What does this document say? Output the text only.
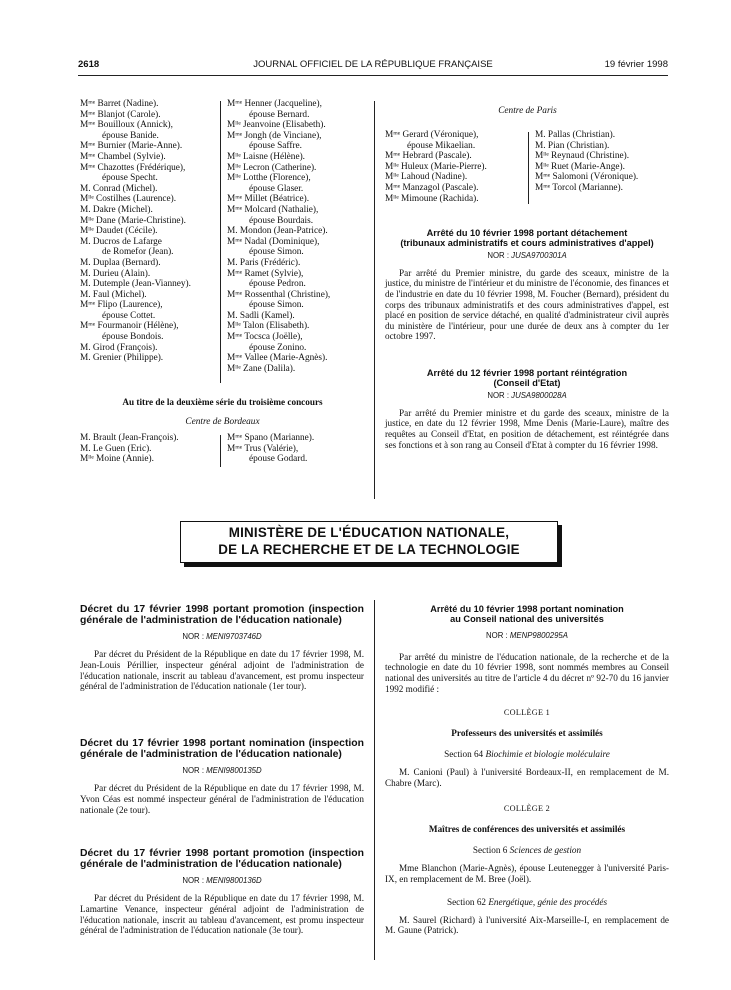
2618	JOURNAL OFFICIEL DE LA RÉPUBLIQUE FRANÇAISE	19 février 1998
Mᵐᵉ Barret (Nadine).
Mᵐᵉ Blanjot (Carole).
Mᵐᵉ Bouilloux (Annick),
épouse Banide.
Mᵐᵉ Burnier (Marie-Anne).
Mᵐᵉ Chambel (Sylvie).
Mᵐᵉ Chazottes (Frédérique),
épouse Specht.
M. Conrad (Michel).
Mˡˡᵉ Costilhes (Laurence).
M. Dakre (Michel).
Mˡˡᵉ Dane (Marie-Christine).
Mˡˡᵉ Daudet (Cécile).
M. Ducros de Lafarge
de Romefor (Jean).
M. Duplaa (Bernard).
M. Durieu (Alain).
M. Dutemple (Jean-Vianney).
M. Faul (Michel).
Mᵐᵉ Flipo (Laurence),
épouse Cottet.
Mᵐᵉ Fourmanoir (Hélène),
épouse Bondois.
M. Girod (François).
M. Grenier (Philippe).
Mᵐᵉ Henner (Jacqueline),
épouse Bernard.
Mˡˡᵉ Jeanvoine (Elisabeth).
Mᵐᵉ Jongh (de Vinciane),
épouse Saffre.
Mˡˡᵉ Laisne (Hélène).
Mˡˡᵉ Lecron (Catherine).
Mˡˡᵉ Lotthe (Florence),
épouse Glaser.
Mᵐᵉ Millet (Béatrice).
Mᵐᵉ Molcard (Nathalie),
épouse Bourdais.
M. Mondon (Jean-Patrice).
Mᵐᵉ Nadal (Dominique),
épouse Simon.
M. Paris (Frédéric).
Mᵐᵉ Ramet (Sylvie),
épouse Pedron.
Mᵐᵉ Rossenthal (Christine),
épouse Simon.
M. Sadli (Kamel).
Mˡˡᵉ Talon (Elisabeth).
Mᵐᵉ Tocsca (Joëlle),
épouse Zonino.
Mᵐᵉ Vallee (Marie-Agnès).
Mˡˡᵉ Zane (Dalila).
Au titre de la deuxième série du troisième concours
Centre de Bordeaux
M. Brault (Jean-François).
M. Le Guen (Eric).
Mˡˡᵉ Moine (Annie).
Mᵐᵉ Spano (Marianne).
Mᵐᵉ Trus (Valérie),
épouse Godard.
Centre de Paris
Mᵐᵉ Gerard (Véronique),
épouse Mikaelian.
Mᵐᵉ Hebrard (Pascale).
Mˡˡᵉ Huleux (Marie-Pierre).
Mˡˡᵉ Lahoud (Nadine).
Mᵐᵉ Manzagol (Pascale).
Mˡˡᵉ Mimoune (Rachida).
M. Pallas (Christian).
M. Pian (Christian).
Mˡˡᵉ Reynaud (Christine).
Mˡˡᵉ Ruet (Marie-Ange).
Mᵐᵉ Salomoni (Véronique).
Mᵐᵉ Torcol (Marianne).
Arrêté du 10 février 1998 portant détachement
(tribunaux administratifs et cours administratives d'appel)
NOR : JUSA9700301A
Par arrêté du Premier ministre, du garde des sceaux, ministre de la justice, du ministre de l'intérieur et du ministre de l'économie, des finances et de l'industrie en date du 10 février 1998, M. Foucher (Bernard), président du corps des tribunaux administratifs et des cours administratives d'appel, est placé en position de service détaché, en qualité d'administrateur civil auprès du ministère de l'intérieur, pour une durée de deux ans à compter du 1er octobre 1997.
Arrêté du 12 février 1998 portant réintégration
(Conseil d'Etat)
NOR : JUSA9800028A
Par arrêté du Premier ministre et du garde des sceaux, ministre de la justice, en date du 12 février 1998, Mme Denis (Marie-Laure), maître des requêtes au Conseil d'Etat, en position de détachement, est réintégrée dans ses fonctions et à son rang au Conseil d'Etat à compter du 16 février 1998.
MINISTÈRE DE L'ÉDUCATION NATIONALE,
DE LA RECHERCHE ET DE LA TECHNOLOGIE
Décret du 17 février 1998 portant promotion (inspection générale de l'administration de l'éducation nationale)
NOR : MENI9703746D
Par décret du Président de la République en date du 17 février 1998, M. Jean-Louis Périllier, inspecteur général adjoint de l'administration de l'éducation nationale, inscrit au tableau d'avancement, est promu inspecteur général de l'administration de l'éducation nationale (1er tour).
Décret du 17 février 1998 portant nomination (inspection générale de l'administration de l'éducation nationale)
NOR : MENI9800135D
Par décret du Président de la République en date du 17 février 1998, M. Yvon Céas est nommé inspecteur général de l'administration de l'éducation nationale (2e tour).
Décret du 17 février 1998 portant promotion (inspection générale de l'administration de l'éducation nationale)
NOR : MENI9800136D
Par décret du Président de la République en date du 17 février 1998, M. Lamartine Venance, inspecteur général adjoint de l'administration de l'éducation nationale, inscrit au tableau d'avancement, est promu inspecteur général de l'administration de l'éducation nationale (3e tour).
Arrêté du 10 février 1998 portant nomination
au Conseil national des universités
NOR : MENP9800295A
Par arrêté du ministre de l'éducation nationale, de la recherche et de la technologie en date du 10 février 1998, sont nommés membres au Conseil national des universités au titre de l'article 4 du décret nº 92-70 du 16 janvier 1992 modifié :
COLLÈGE 1
Professeurs des universités et assimilés
Section 64 Biochimie et biologie moléculaire
M. Canioni (Paul) à l'université Bordeaux-II, en remplacement de M. Chabre (Marc).
COLLÈGE 2
Maîtres de conférences des universités et assimilés
Section 6 Sciences de gestion
Mme Blanchon (Marie-Agnès), épouse Leutenegger à l'université Paris-IX, en remplacement de M. Bree (Joël).
Section 62 Energétique, génie des procédés
M. Saurel (Richard) à l'université Aix-Marseille-I, en remplacement de M. Gaune (Patrick).
